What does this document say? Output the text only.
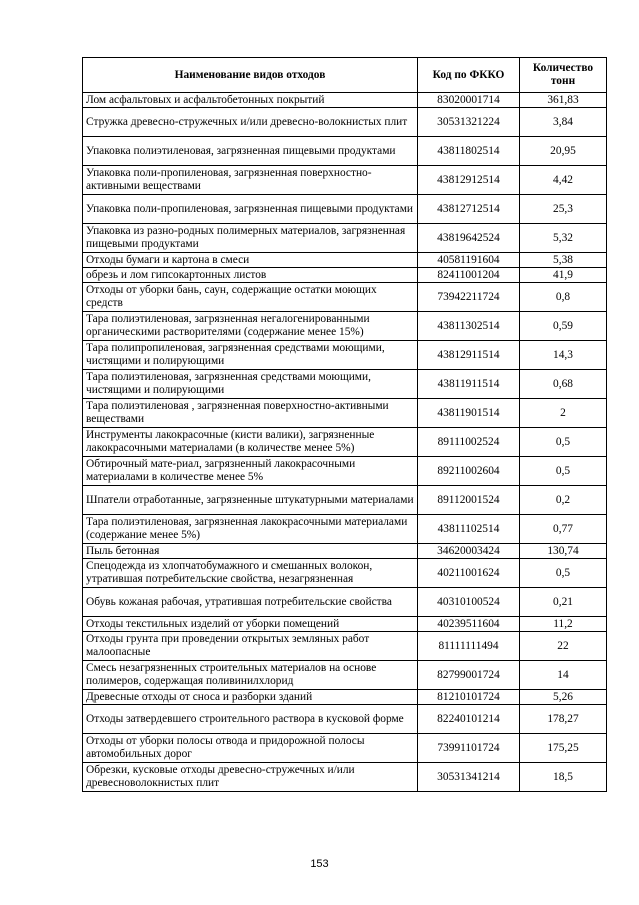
Наименование видов отходов	Код по ФККО	Количество тонн
Лом асфальтовых и асфальтобетонных покрытий	83020001714	361,83
Стружка древесно-стружечных и/или древесно-волокнистых плит	30531321224	3,84
Упаковка полиэтиленовая, загрязненная пищевыми продуктами	43811802514	20,95
Упаковка поли-пропиленовая, загрязненная поверхностно-активными веществами	43812912514	4,42
Упаковка поли-пропиленовая, загрязненная пищевыми продуктами	43812712514	25,3
Упаковка из разно-родных полимерных материалов, загрязненная пищевыми продуктами	43819642524	5,32
Отходы бумаги и картона в смеси	40581191604	5,38
обрезь и лом гипсокартонных листов	82411001204	41,9
Отходы от уборки бань, саун, содержащие остатки моющих средств	73942211724	0,8
Тара полиэтиленовая, загрязненная негалогенированными органическими растворителями (содержание менее 15%)	43811302514	0,59
Тара полипропиленовая, загрязненная средствами моющими, чистящими и полирующими	43812911514	14,3
Тара полиэтиленовая, загрязненная средствами моющими, чистящими и полирующими	43811911514	0,68
Тара полиэтиленовая , загрязненная поверхностно-активными веществами	43811901514	2
Инструменты лакокрасочные (кисти валики), загрязненные лакокрасочными материалами (в количестве менее 5%)	89111002524	0,5
Обтирочный мате-риал, загрязненный лакокрасочными материалами в количестве менее 5%	89211002604	0,5
Шпатели отработанные, загрязненные штукатурными материалами	89112001524	0,2
Тара полиэтиленовая, загрязненная лакокрасочными материалами (содержание менее 5%)	43811102514	0,77
Пыль бетонная	34620003424	130,74
Спецодежда из хлопчатобумажного и смешанных волокон, утратившая потребительские свойства, незагрязненная	40211001624	0,5
Обувь кожаная рабочая, утратившая потребительские свойства	40310100524	0,21
Отходы текстильных изделий от уборки помещений	40239511604	11,2
Отходы грунта при проведении открытых земляных работ малоопасные	81111111494	22
Смесь незагрязненных строительных материалов на основе полимеров, содержащая поливинилхлорид	82799001724	14
Древесные отходы от сноса и разборки зданий	81210101724	5,26
Отходы затвердевшего строительного раствора в кусковой форме	82240101214	178,27
Отходы от уборки полосы отвода и придорожной полосы автомобильных дорог	73991101724	175,25
Обрезки, кусковые отходы древесно-стружечных и/или древесноволокнистых плит	30531341214	18,5
153
